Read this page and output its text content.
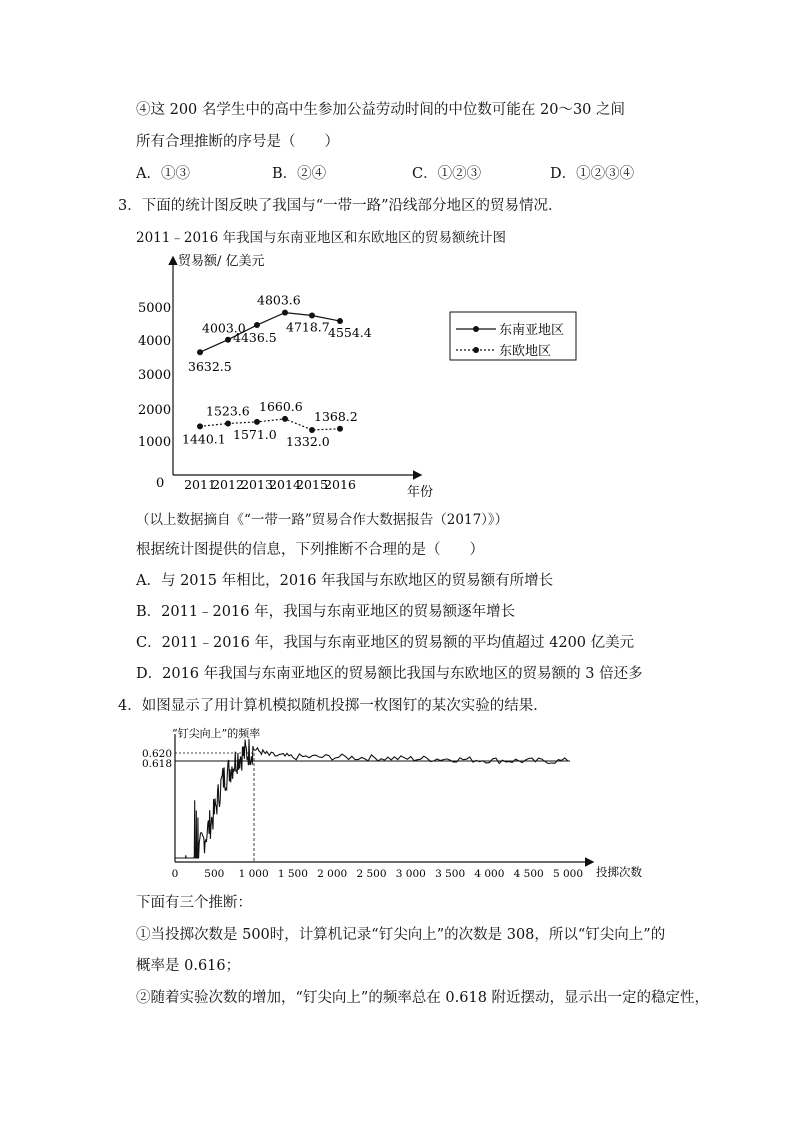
④这 200 名学生中的高中生参加公益劳动时间的中位数可能在 20～30 之间
所有合理推断的序号是（　　）
A．①③	B．②④	C．①②③	D．①②③④
3．下面的统计图反映了我国与“一带一路”沿线部分地区的贸易情况．
2011﹣2016 年我国与东南亚地区和东欧地区的贸易额统计图
贸易额/ 亿美元
年份
5000
4000
3000
2000
1000
0 2011
2012
2013
2014
2015
2016
3632.5
4003.0
4436.5
4803.6
4718.7
4554.4
1440.1
1523.6
1571.0
1660.6
1332.0
1368.2
东南亚地区
东欧地区
（以上数据摘自《“一带一路”贸易合作大数据报告（2017）》）
根据统计图提供的信息，下列推断不合理的是（　　）
A．与 2015 年相比，2016 年我国与东欧地区的贸易额有所增长
B．2011﹣2016 年，我国与东南亚地区的贸易额逐年增长
C．2011﹣2016 年，我国与东南亚地区的贸易额的平均值超过 4200 亿美元
D．2016 年我国与东南亚地区的贸易额比我国与东欧地区的贸易额的 3 倍还多
4．如图显示了用计算机模拟随机投掷一枚图钉的某次实验的结果．
“钉尖向上”的频率
0.620
0.618
投掷次数
0 500 1 000 1 500 2 000 2 500 3 000 3 500 4 000 4 500 5 000
下面有三个推断：
①当投掷次数是 500时，计算机记录“钉尖向上”的次数是 308，所以“钉尖向上”的
概率是 0.616；
②随着实验次数的增加，“钉尖向上”的频率总在 0.618 附近摆动，显示出一定的稳定性，
